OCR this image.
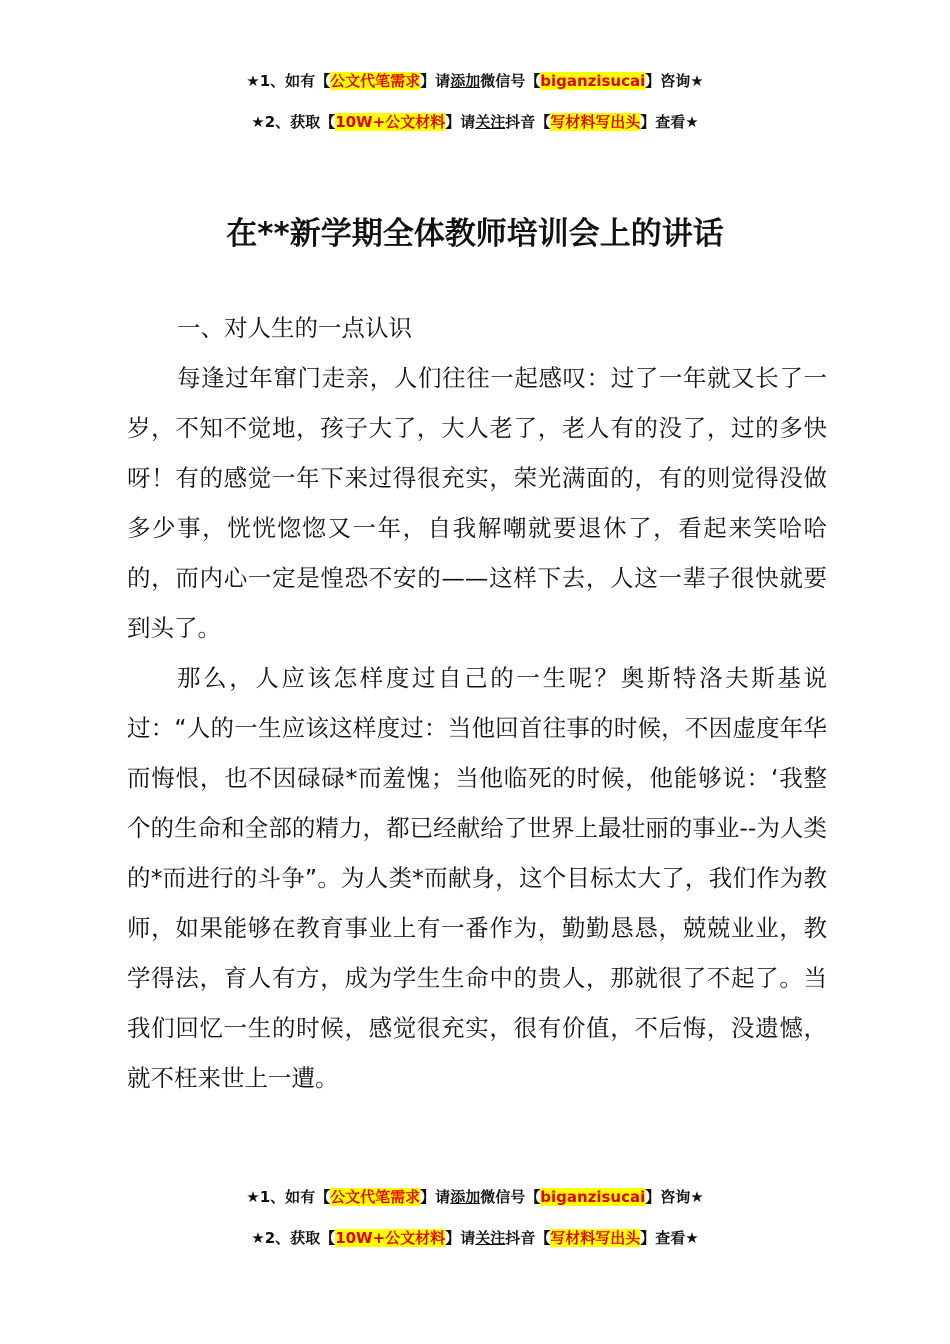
★1、如有【公文代笔需求】请添加微信号【biganzisucai】咨询★
★2、获取【10W+公文材料】请关注抖音【写材料写出头】查看★
在**新学期全体教师培训会上的讲话

一、对人生的一点认识

每逢过年窜门走亲，人们往往一起感叹：过了一年就又长了一岁，不知不觉地，孩子大了，大人老了，老人有的没了，过的多快呀！有的感觉一年下来过得很充实，荣光满面的，有的则觉得没做多少事，恍恍惚惚又一年，自我解嘲就要退休了，看起来笑哈哈的，而内心一定是惶恐不安的——这样下去，人这一辈子很快就要到头了。

那么，人应该怎样度过自己的一生呢？奥斯特洛夫斯基说过：“人的一生应该这样度过：当他回首往事的时候，不因虚度年华而悔恨，也不因碌碌*而羞愧；当他临死的时候，他能够说：‘我整个的生命和全部的精力，都已经献给了世界上最壮丽的事业--为人类的*而进行的斗争”。为人类*而献身，这个目标太大了，我们作为教师，如果能够在教育事业上有一番作为，勤勤恳恳，兢兢业业，教学得法，育人有方，成为学生生命中的贵人，那就很了不起了。当我们回忆一生的时候，感觉很充实，很有价值，不后悔，没遗憾，就不枉来世上一遭。

★1、如有【公文代笔需求】请添加微信号【biganzisucai】咨询★
★2、获取【10W+公文材料】请关注抖音【写材料写出头】查看★
